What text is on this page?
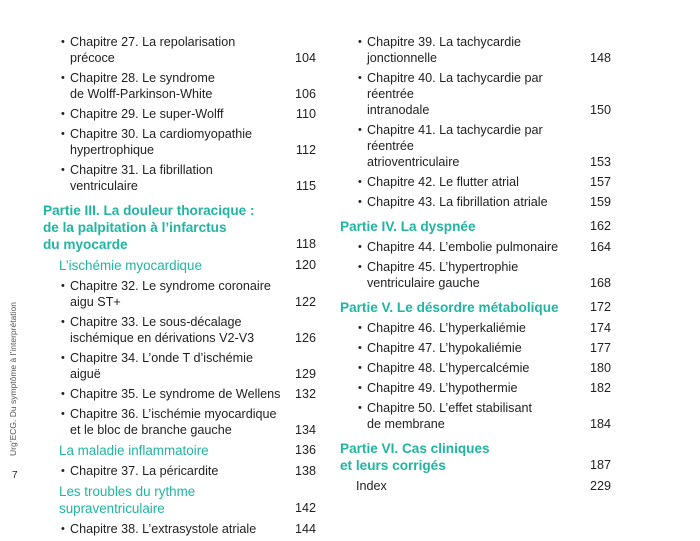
• Chapitre 27. La repolarisation précoce	104
• Chapitre 28. Le syndrome
de Wolff-Parkinson-White	106
• Chapitre 29. Le super-Wolff	110
• Chapitre 30. La cardiomyopathie
hypertrophique	112
• Chapitre 31. La fibrillation ventriculaire	115
Partie III. La douleur thoracique :
de la palpitation à l’infarctus
du myocarde	118
L’ischémie myocardique	120
• Chapitre 32. Le syndrome coronaire
aigu ST+	122
• Chapitre 33. Le sous-décalage
ischémique en dérivations V2-V3	126
• Chapitre 34. L’onde T d’ischémie aiguë	129
• Chapitre 35. Le syndrome de Wellens	132
• Chapitre 36. L’ischémie myocardique
et le bloc de branche gauche	134
La maladie inflammatoire	136
• Chapitre 37. La péricardite	138
Les troubles du rythme
supraventriculaire	142
• Chapitre 38. L’extrasystole atriale	144
• Chapitre 39. La tachycardie
jonctionnelle	148
• Chapitre 40. La tachycardie par réentrée
intranodale	150
• Chapitre 41. La tachycardie par réentrée
atrioventriculaire	153
• Chapitre 42. Le flutter atrial	157
• Chapitre 43. La fibrillation atriale	159
Partie IV. La dyspnée	162
• Chapitre 44. L’embolie pulmonaire	164
• Chapitre 45. L’hypertrophie
ventriculaire gauche	168
Partie V. Le désordre métabolique	172
• Chapitre 46. L’hyperkaliémie	174
• Chapitre 47. L’hypokaliémie	177
• Chapitre 48. L’hypercalcémie	180
• Chapitre 49. L’hypothermie	182
• Chapitre 50. L’effet stabilisant
de membrane	184
Partie VI. Cas cliniques
et leurs corrigés	187
Index	229
Urg’ECG. Du symptôme à l’interprétation
7
